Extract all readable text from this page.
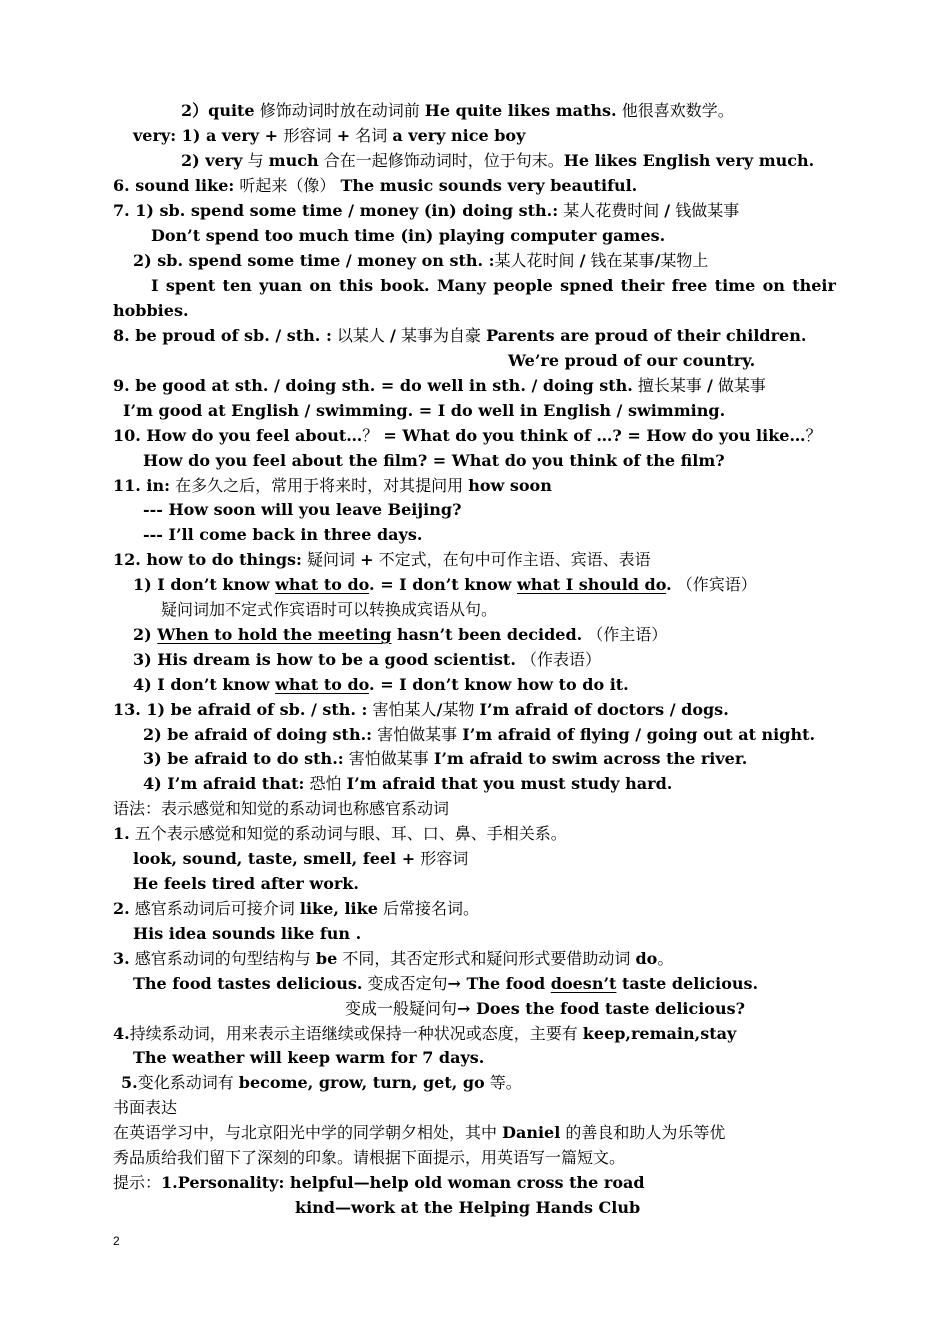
2）quite 修饰动词时放在动词前 He quite likes maths. 他很喜欢数学。
very: 1) a very + 形容词 + 名词 a very nice boy
2) very 与 much 合在一起修饰动词时，位于句末。He likes English very much.
6. sound like: 听起来（像） The music sounds very beautiful.
7. 1) sb. spend some time / money (in) doing sth.: 某人花费时间 / 钱做某事
Don’t spend too much time (in) playing computer games.
2) sb. spend some time / money on sth. :某人花时间 / 钱在某事/某物上
I spent ten yuan on this book. Many people spned their free time on their
hobbies.
8. be proud of sb. / sth. : 以某人 / 某事为自豪 Parents are proud of their children.
We’re proud of our country.
9. be good at sth. / doing sth. = do well in sth. / doing sth. 擅长某事 / 做某事
I’m good at English / swimming. = I do well in English / swimming.
10. How do you feel about…？ = What do you think of …? = How do you like…？
How do you feel about the film? = What do you think of the film?
11. in: 在多久之后，常用于将来时，对其提问用 how soon
--- How soon will you leave Beijing?
--- I’ll come back in three days.
12. how to do things: 疑问词 + 不定式，在句中可作主语、宾语、表语
1) I don’t know what to do. = I don’t know what I should do. （作宾语）
疑问词加不定式作宾语时可以转换成宾语从句。
2) When to hold the meeting hasn’t been decided. （作主语）
3) His dream is how to be a good scientist. （作表语）
4) I don’t know what to do. = I don’t know how to do it.
13. 1) be afraid of sb. / sth. : 害怕某人/某物 I’m afraid of doctors / dogs.
2) be afraid of doing sth.: 害怕做某事 I’m afraid of flying / going out at night.
3) be afraid to do sth.: 害怕做某事 I’m afraid to swim across the river.
4) I’m afraid that: 恐怕 I’m afraid that you must study hard.
语法：表示感觉和知觉的系动词也称感官系动词
1. 五个表示感觉和知觉的系动词与眼、耳、口、鼻、手相关系。
look, sound, taste, smell, feel + 形容词
He feels tired after work.
2. 感官系动词后可接介词 like, like 后常接名词。
His idea sounds like fun .
3. 感官系动词的句型结构与 be 不同，其否定形式和疑问形式要借助动词 do。
The food tastes delicious. 变成否定句→ The food doesn’t taste delicious.
变成一般疑问句→ Does the food taste delicious?
4.持续系动词，用来表示主语继续或保持一种状况或态度，主要有 keep,remain,stay
The weather will keep warm for 7 days.
5.变化系动词有 become, grow, turn, get, go 等。
书面表达
在英语学习中，与北京阳光中学的同学朝夕相处，其中 Daniel 的善良和助人为乐等优
秀品质给我们留下了深刻的印象。请根据下面提示，用英语写一篇短文。
提示：1.Personality: helpful—help old woman cross the road
kind—work at the Helping Hands Club
2
